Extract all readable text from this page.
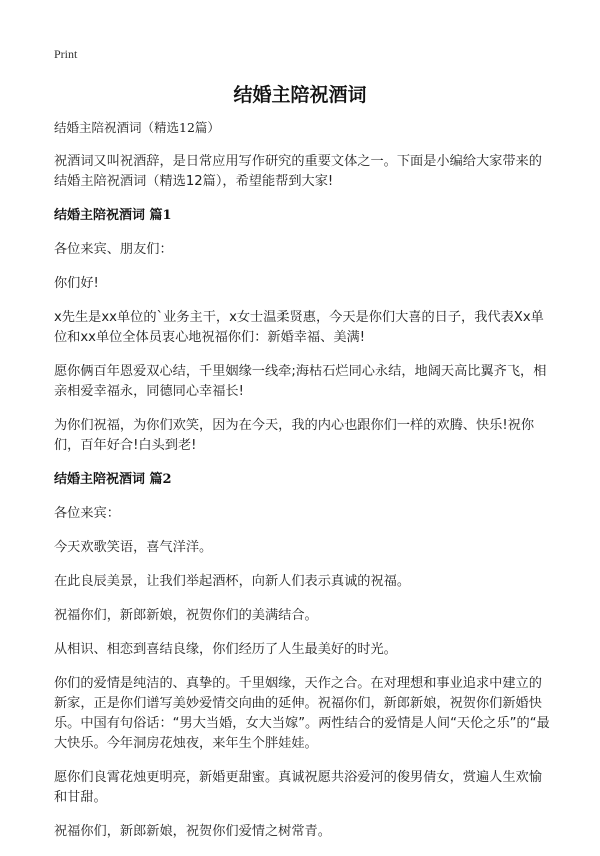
Print
结婚主陪祝酒词
结婚主陪祝酒词（精选12篇）
祝酒词又叫祝酒辞，是日常应用写作研究的重要文体之一。下面是小编给大家带来的结婚主陪祝酒词（精选12篇），希望能帮到大家!
结婚主陪祝酒词 篇1
各位来宾、朋友们：
你们好!
x先生是xx单位的`业务主干，x女士温柔贤惠，今天是你们大喜的日子，我代表Xx单位和xx单位全体员衷心地祝福你们：新婚幸福、美满!
愿你俩百年恩爱双心结，千里姻缘一线牵;海枯石烂同心永结，地阔天高比翼齐飞，相亲相爱幸福永，同德同心幸福长!
为你们祝福，为你们欢笑，因为在今天，我的内心也跟你们一样的欢腾、快乐!祝你们，百年好合!白头到老!
结婚主陪祝酒词 篇2
各位来宾：
今天欢歌笑语，喜气洋洋。
在此良辰美景，让我们举起酒杯，向新人们表示真诚的祝福。
祝福你们，新郎新娘，祝贺你们的美满结合。
从相识、相恋到喜结良缘，你们经历了人生最美好的时光。
你们的爱情是纯洁的、真挚的。千里姻缘，天作之合。在对理想和事业追求中建立的新家，正是你们谱写美妙爱情交向曲的延伸。祝福你们，新郎新娘，祝贺你们新婚快乐。中国有句俗话：“男大当婚，女大当嫁”。两性结合的爱情是人间“天伦之乐”的“最大快乐。今年洞房花烛夜，来年生个胖娃娃。
愿你们良霄花烛更明亮，新婚更甜蜜。真诚祝愿共浴爱河的俊男倩女，赏遍人生欢愉和甘甜。
祝福你们，新郎新娘，祝贺你们爱情之树常青。
